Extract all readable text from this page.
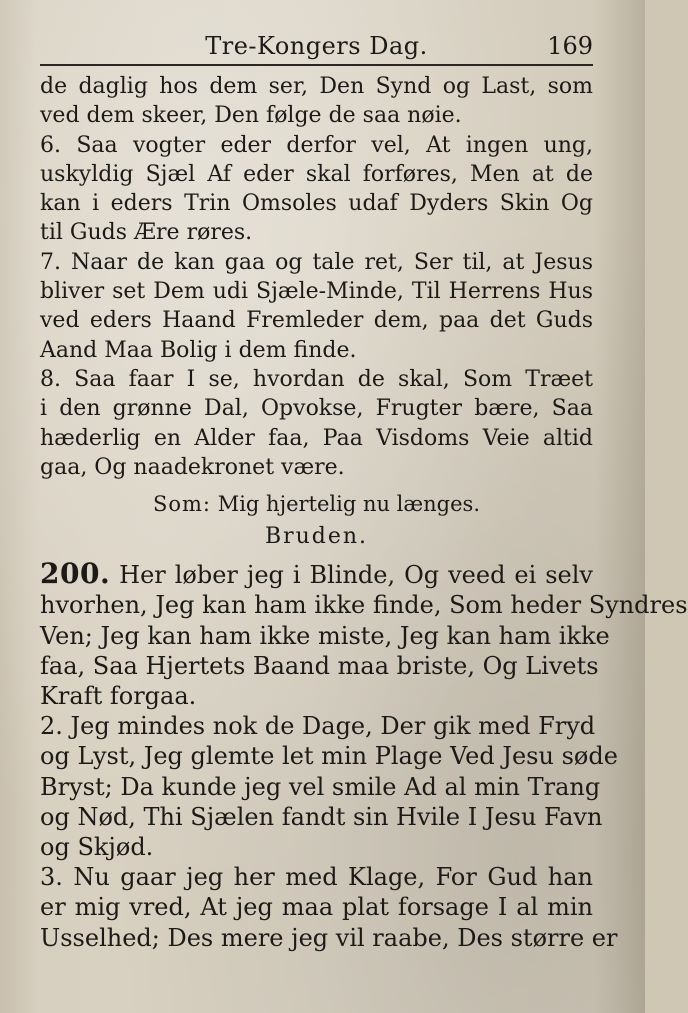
Tre-Kongers Dag.	169
de daglig hos dem ser, Den Synd og Last, som
ved dem skeer, Den følge de saa nøie.
6. Saa vogter eder derfor vel, At ingen ung,
uskyldig Sjæl Af eder skal forføres, Men at de
kan i eders Trin Omsoles udaf Dyders Skin Og
til Guds Ære røres.
7. Naar de kan gaa og tale ret, Ser til, at Jesus
bliver set Dem udi Sjæle-Minde, Til Herrens Hus
ved eders Haand Fremleder dem, paa det Guds
Aand Maa Bolig i dem finde.
8. Saa faar I se, hvordan de skal, Som Træet
i den grønne Dal, Opvokse, Frugter bære, Saa
hæderlig en Alder faa, Paa Visdoms Veie altid
gaa, Og naadekronet være.
Som: Mig hjertelig nu længes.
Bruden.
200. Her løber jeg i Blinde, Og veed ei selv
hvorhen, Jeg kan ham ikke finde, Som heder Syndres
Ven; Jeg kan ham ikke miste, Jeg kan ham ikke
faa, Saa Hjertets Baand maa briste, Og Livets
Kraft forgaa.
2. Jeg mindes nok de Dage, Der gik med Fryd
og Lyst, Jeg glemte let min Plage Ved Jesu søde
Bryst; Da kunde jeg vel smile Ad al min Trang
og Nød, Thi Sjælen fandt sin Hvile I Jesu Favn
og Skjød.
3. Nu gaar jeg her med Klage, For Gud han
er mig vred, At jeg maa plat forsage I al min
Usselhed; Des mere jeg vil raabe, Des større er
